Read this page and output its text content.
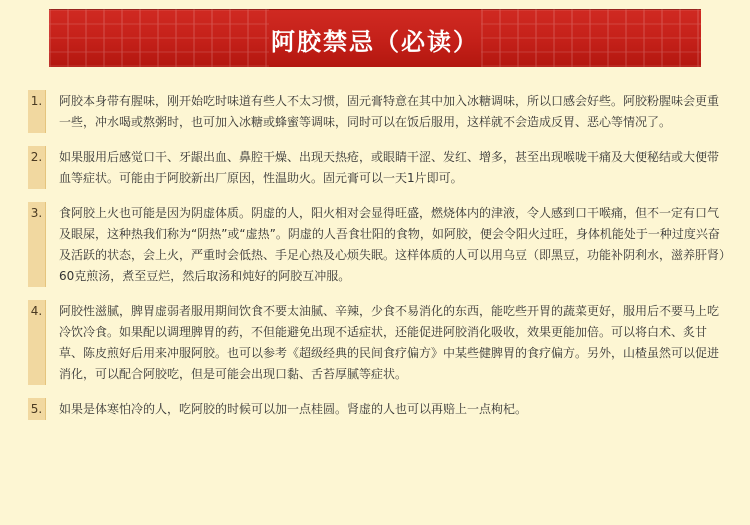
阿胶禁忌（必读）
1.	阿胶本身带有腥味，刚开始吃时味道有些人不太习惯，固元膏特意在其中加入冰糖调味，所以口感会好些。阿胶粉腥味会更重一些，冲水喝或熬粥时，也可加入冰糖或蜂蜜等调味，同时可以在饭后服用，这样就不会造成反胃、恶心等情况了。
2.	如果服用后感觉口干、牙龈出血、鼻腔干燥、出现天热疮，或眼睛干涩、发红、增多，甚至出现喉咙干痛及大便秘结或大便带血等症状。可能由于阿胶新出厂原因，性温助火。固元膏可以一天1片即可。
3.	食阿胶上火也可能是因为阴虚体质。阴虚的人，阳火相对会显得旺盛，燃烧体内的津液，令人感到口干喉痛，但不一定有口气及眼屎，这种热我们称为“阴热”或“虚热”。阴虚的人吾食壮阳的食物，如阿胶，便会令阳火过旺，身体机能处于一种过度兴奋及活跃的状态，会上火，严重时会低热、手足心热及心烦失眠。这样体质的人可以用乌豆（即黑豆，功能补阴利水，滋养肝肾）60克煎汤，煮至豆烂，然后取汤和炖好的阿胶互冲服。
4.	阿胶性滋腻，脾胃虚弱者服用期间饮食不要太油腻、辛辣，少食不易消化的东西，能吃些开胃的蔬菜更好，服用后不要马上吃冷饮冷食。如果配以调理脾胃的药，不但能避免出现不适症状，还能促进阿胶消化吸收，效果更能加倍。可以将白术、炙甘草、陈皮煎好后用来冲服阿胶。也可以参考《超级经典的民间食疗偏方》中某些健脾胃的食疗偏方。另外，山楂虽然可以促进消化，可以配合阿胶吃，但是可能会出现口黏、舌苔厚腻等症状。
5.	如果是体寒怕冷的人，吃阿胶的时候可以加一点桂圆。肾虚的人也可以再赔上一点枸杞。
